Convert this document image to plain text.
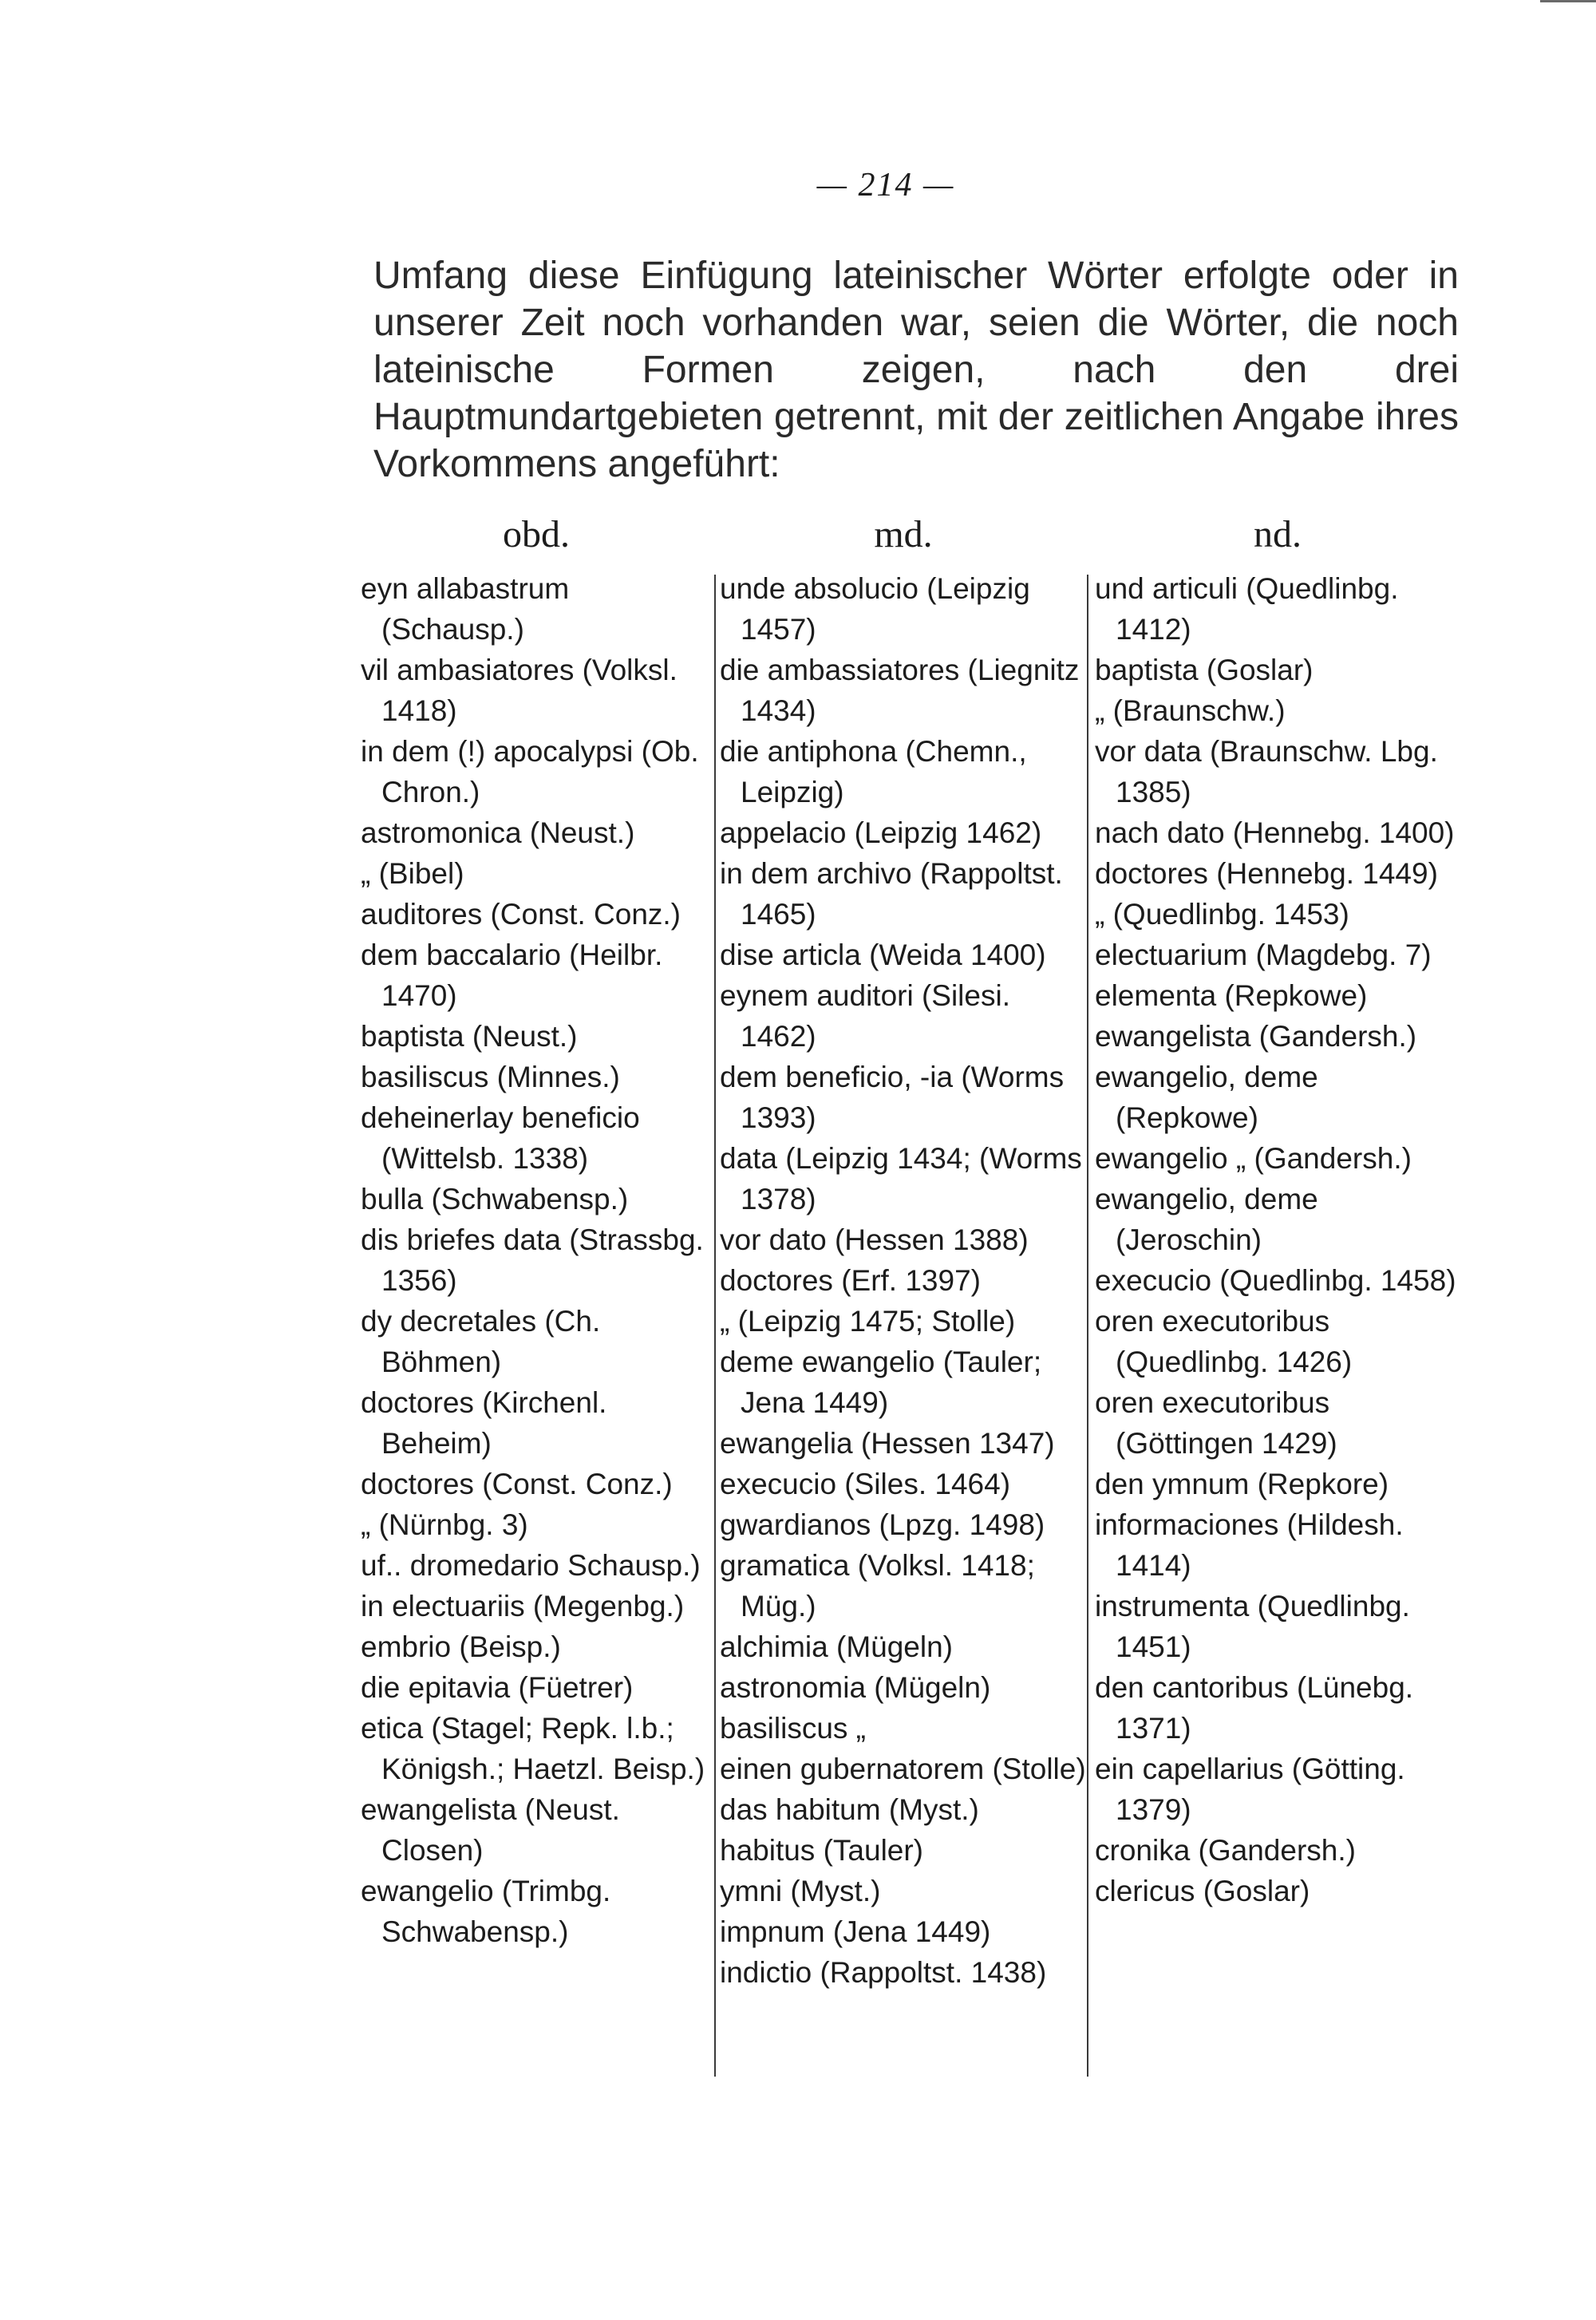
— 214 —

Umfang diese Einfügung lateinischer Wörter erfolgte oder in unserer Zeit noch vorhanden war, seien die Wörter, die noch lateinische Formen zeigen, nach den drei Hauptmundartgebieten getrennt, mit der zeitlichen Angabe ihres Vorkommens angeführt:

obd.

eyn allabastrum (Schausp.)

vil ambasiatores (Volksl. 1418)

in dem (!) apocalypsi (Ob. Chron.)

astromonica (Neust.)

„ (Bibel)

auditores (Const. Conz.)

dem baccalario (Heilbr. 1470)

baptista (Neust.)

basiliscus (Minnes.)

deheinerlay beneficio (Wittelsb. 1338)

bulla (Schwabensp.)

dis briefes data (Strassbg. 1356)

dy decretales (Ch. Böhmen)

doctores (Kirchenl. Beheim)

doctores (Const. Conz.)

„ (Nürnbg. 3)

uf.. dromedario Schausp.)

in electuariis (Megenbg.)

embrio (Beisp.)

die epitavia (Füetrer)

etica (Stagel; Repk. l.b.; Königsh.; Haetzl. Beisp.)

ewangelista (Neust. Closen)

ewangelio (Trimbg. Schwabensp.)

md.

unde absolucio (Leipzig 1457)

die ambassiatores (Liegnitz 1434)

die antiphona (Chemn., Leipzig)

appelacio (Leipzig 1462)

in dem archivo (Rappoltst. 1465)

dise articla (Weida 1400)

eynem auditori (Silesi. 1462)

dem beneficio, -ia (Worms 1393)

data (Leipzig 1434; (Worms 1378)

vor dato (Hessen 1388)

doctores (Erf. 1397)

„ (Leipzig 1475; Stolle)

deme ewangelio (Tauler; Jena 1449)

ewangelia (Hessen 1347)

execucio (Siles. 1464)

gwardianos (Lpzg. 1498)

gramatica (Volksl. 1418; Müg.)

alchimia (Mügeln)

astronomia (Mügeln)

basiliscus „

einen gubernatorem (Stolle)

das habitum (Myst.)

habitus (Tauler)

ymni (Myst.)

impnum (Jena 1449)

indictio (Rappoltst. 1438)

nd.

und articuli (Quedlinbg. 1412)

baptista (Goslar)

„ (Braunschw.)

vor data (Braunschw. Lbg. 1385)

nach dato (Hennebg. 1400)

doctores (Hennebg. 1449)

„ (Quedlinbg. 1453)

electuarium (Magdebg. 7)

elementa (Repkowe)

ewangelista (Gandersh.)

ewangelio, deme (Repkowe)

ewangelio „ (Gandersh.)

ewangelio, deme (Jeroschin)

execucio (Quedlinbg. 1458)

oren executoribus (Quedlinbg. 1426)

oren executoribus (Göttingen 1429)

den ymnum (Repkore)

informaciones (Hildesh. 1414)

instrumenta (Quedlinbg. 1451)

den cantoribus (Lünebg. 1371)

ein capellarius (Götting. 1379)

cronika (Gandersh.)

clericus (Goslar)
